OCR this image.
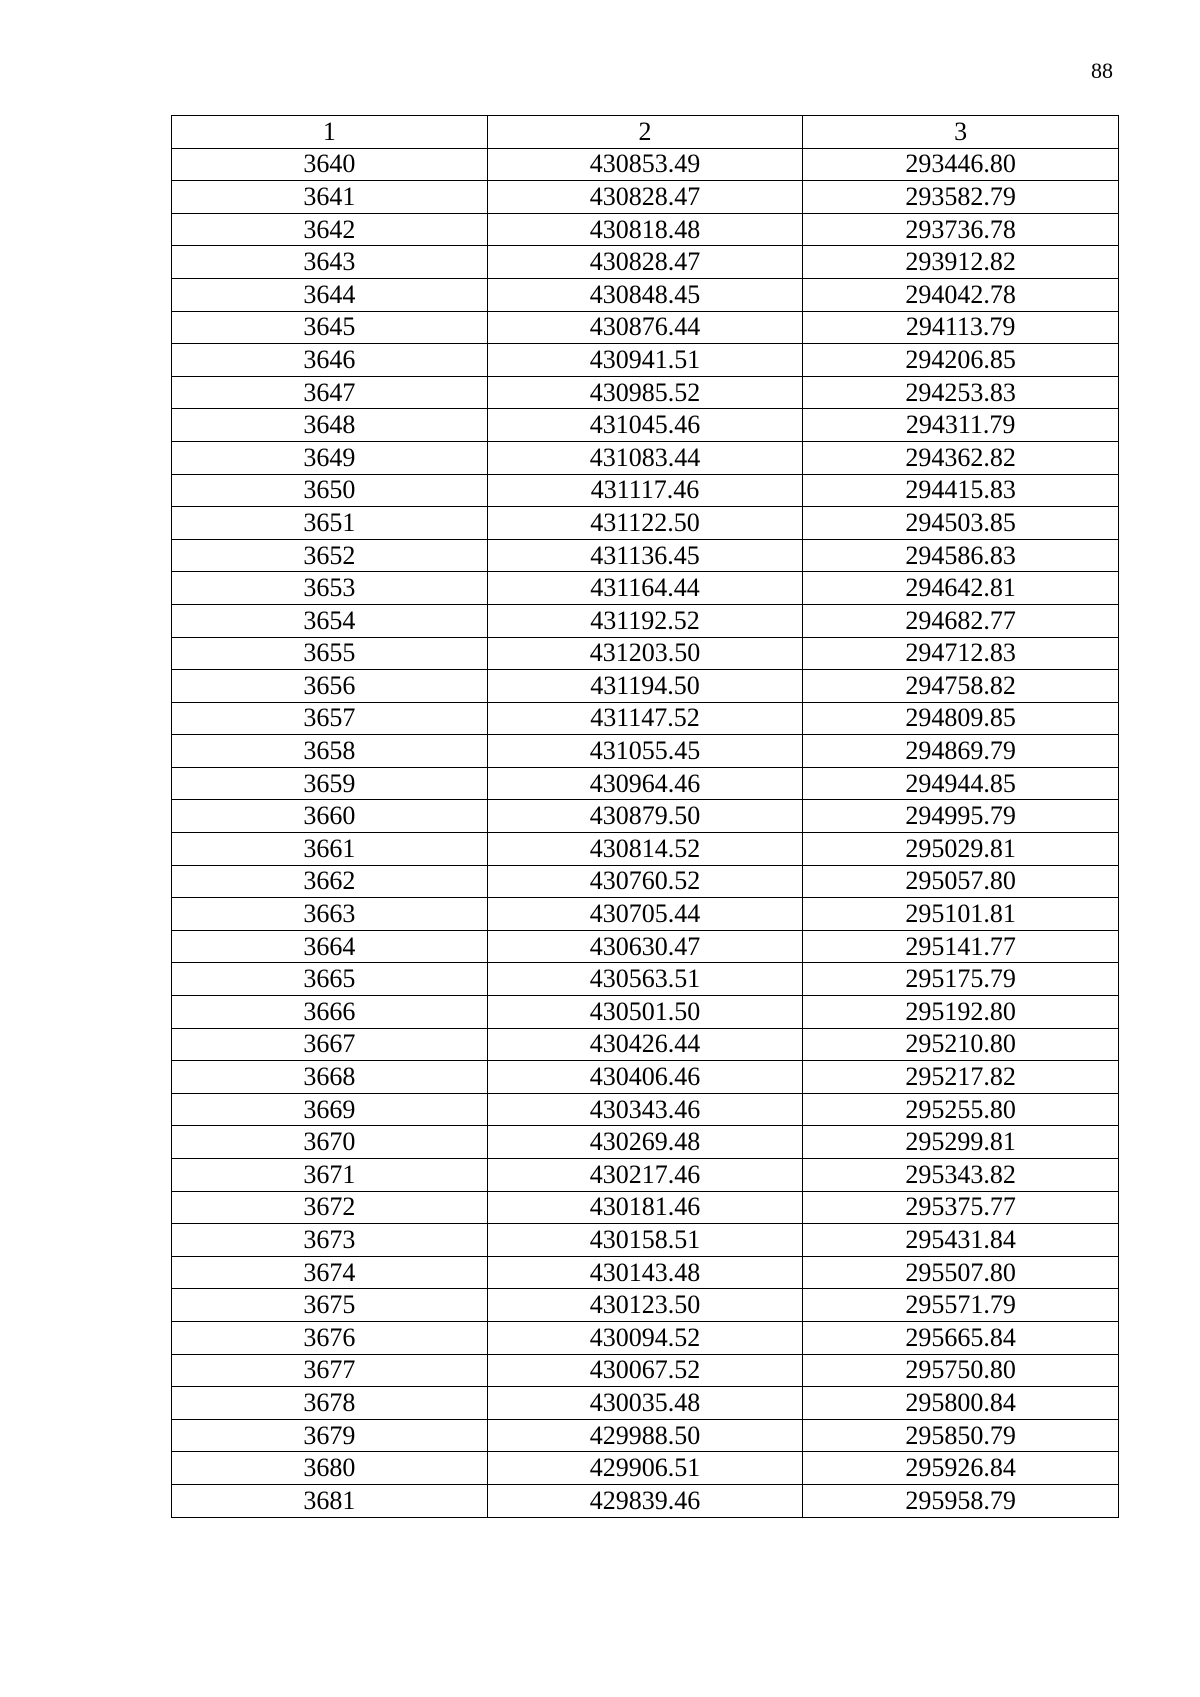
88
1	2	3
3640	430853.49	293446.80
3641	430828.47	293582.79
3642	430818.48	293736.78
3643	430828.47	293912.82
3644	430848.45	294042.78
3645	430876.44	294113.79
3646	430941.51	294206.85
3647	430985.52	294253.83
3648	431045.46	294311.79
3649	431083.44	294362.82
3650	431117.46	294415.83
3651	431122.50	294503.85
3652	431136.45	294586.83
3653	431164.44	294642.81
3654	431192.52	294682.77
3655	431203.50	294712.83
3656	431194.50	294758.82
3657	431147.52	294809.85
3658	431055.45	294869.79
3659	430964.46	294944.85
3660	430879.50	294995.79
3661	430814.52	295029.81
3662	430760.52	295057.80
3663	430705.44	295101.81
3664	430630.47	295141.77
3665	430563.51	295175.79
3666	430501.50	295192.80
3667	430426.44	295210.80
3668	430406.46	295217.82
3669	430343.46	295255.80
3670	430269.48	295299.81
3671	430217.46	295343.82
3672	430181.46	295375.77
3673	430158.51	295431.84
3674	430143.48	295507.80
3675	430123.50	295571.79
3676	430094.52	295665.84
3677	430067.52	295750.80
3678	430035.48	295800.84
3679	429988.50	295850.79
3680	429906.51	295926.84
3681	429839.46	295958.79
